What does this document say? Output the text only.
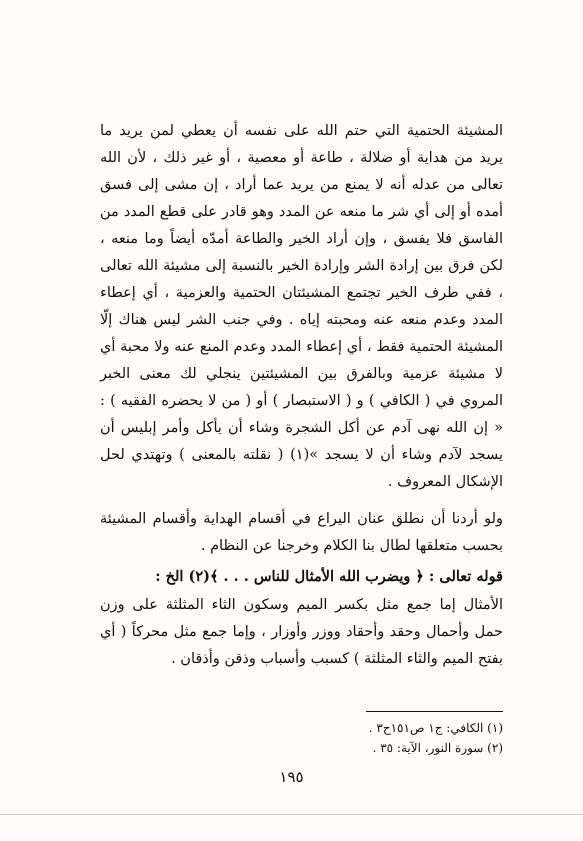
المشيئة الحتمية التي حتم الله على نفسه أن يعطي لمن يريد ما يريد من هداية أو ضلالة ، طاعة أو معصية ، أو غير ذلك ، لأن الله تعالى من عدله أنه لا يمنع من يريد عما أراد ، إن مشى إلى فسق أمده أو إلى أي شر ما منعه عن المدد وهو قادر على قطع المدد من الفاسق فلا يفسق ، وإن أراد الخير والطاعة أمدّه أيضاً وما منعه ، لكن فرق بين إرادة الشر وإرادة الخير بالنسبة إلى مشيئة الله تعالى ، ففي طرف الخير تجتمع المشيئتان الحتمية والعزمية ، أي إعطاء المدد وعدم منعه عنه ومحبته إياه . وفي جنب الشر ليس هناك إلّا المشيئة الحتمية فقط ، أي إعطاء المدد وعدم المنع عنه ولا محبة أي لا مشيئة عزمية وبالفرق بين المشيئتين ينجلي لك معنى الخبر المروي في ( الكافي ) و ( الاستبصار ) أو ( من لا يحضره الفقيه ) : « إن الله نهى آدم عن أكل الشجرة وشاء أن يأكل وأمر إبليس أن يسجد لآدم وشاء أن لا يسجد »(١) ( نقلته بالمعنى ) وتهتدي لحل الإشكال المعروف .

ولو أردنا أن نطلق عنان اليراع في أقسام الهداية وأقسام المشيئة بحسب متعلقها لطال بنا الكلام وخرجنا عن النظام .

قوله تعالى : ﴿ ويضرب الله الأمثال للناس . . . ﴾(٢) الخ :

الأمثال إما جمع مثل بكسر الميم وسكون الثاء المثلثة على وزن حمل وأحمال وحقد وأحقاد ووزر وأوزار ، وإما جمع مثل محركاً ( أي بفتح الميم والثاء المثلثة ) كسبب وأسباب وذقن وأذقان .

(١) الكافي: ج١ ص١٥١ح٣ .

(٢) سورة النور، الآية: ٣٥ .

١٩٥
